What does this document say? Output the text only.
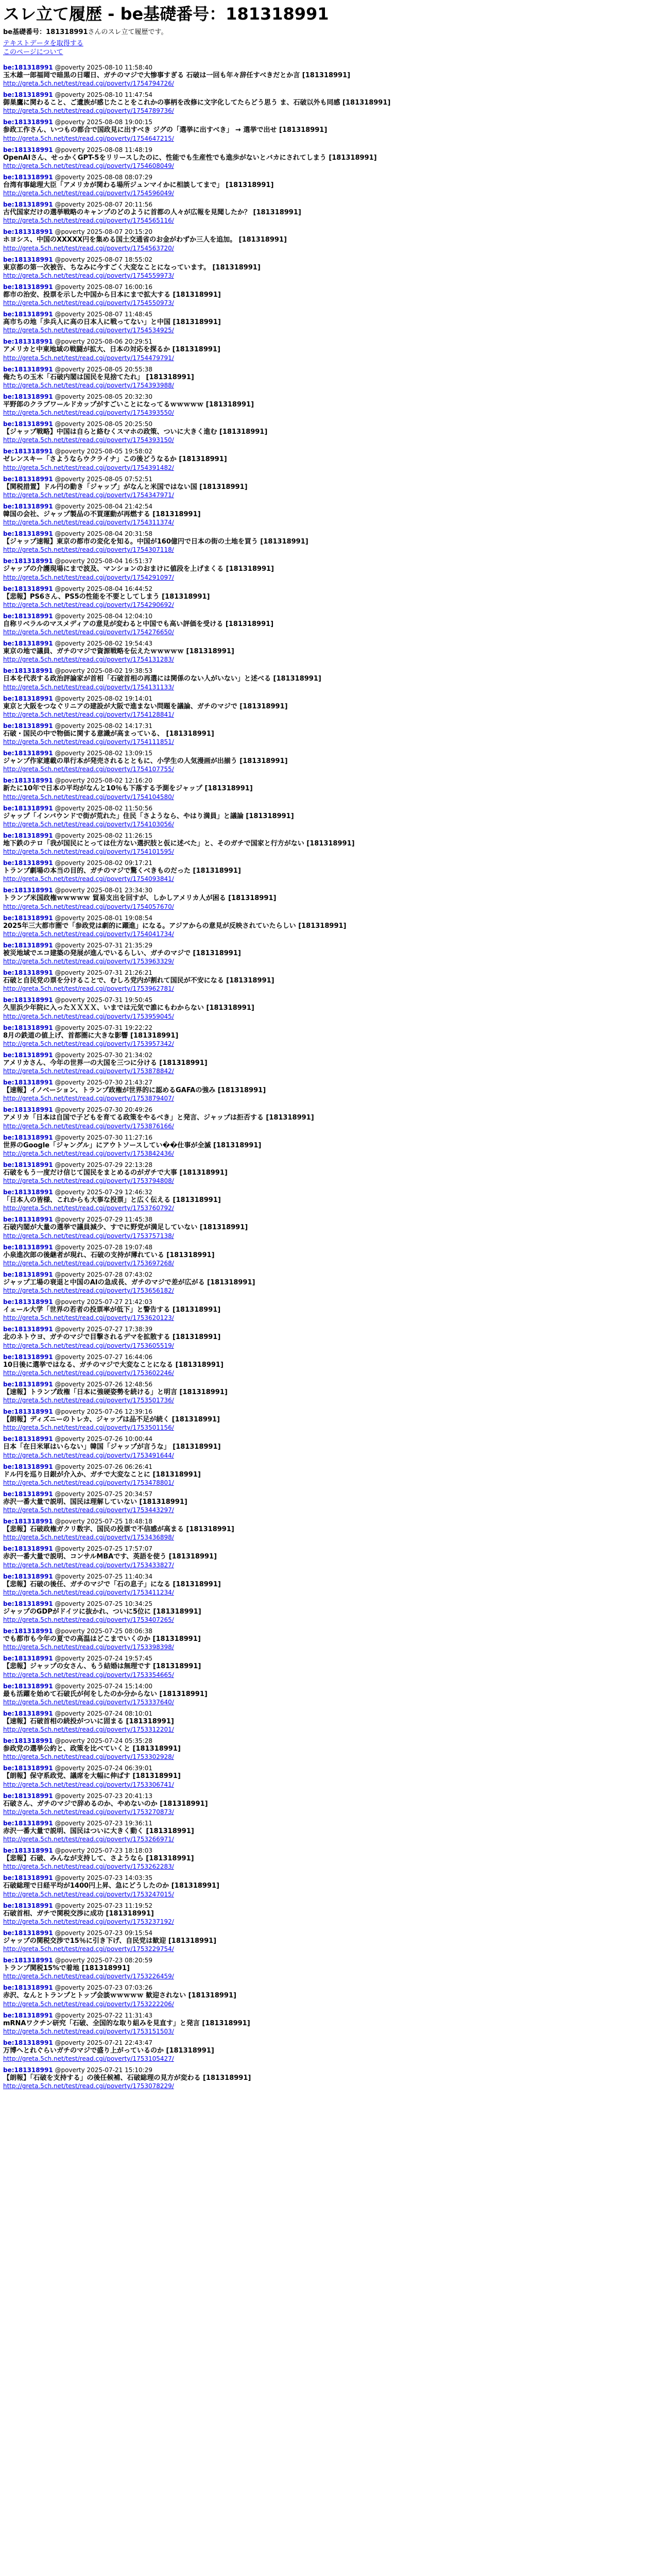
スレ立て履歴 - be基礎番号：181318991
be基礎番号：181318991さんのスレ立て履歴です。
テキストデータを取得する
このページについて
be:181318991 @poverty 2025-08-10 11:58:40
玉木雄一郎福岡で暗黒の日曜日、ガチのマジで大惨事すぎる 石破は一回も年々辞任すべきだとか言 [181318991]
http://greta.5ch.net/test/read.cgi/poverty/1754794726/
be:181318991 @poverty 2025-08-10 11:47:54
御巣鷹に関わること、ご遺族が感じたことをこれかの事柄を改修に文字化してたらどう思う ま、石破以外も同感 [181318991]
http://greta.5ch.net/test/read.cgi/poverty/1754789736/
be:181318991 @poverty 2025-08-08 19:00:15
参政工作さん、いつもの都合で国政見に出すべき ジグの「選挙に出すべき」 → 選挙で出せ [181318991]
http://greta.5ch.net/test/read.cgi/poverty/1754647215/
be:181318991 @poverty 2025-08-08 11:48:19
OpenAIさん、せっかくGPT-5をリリースしたのに、性能でも生産性でも進歩がないとバカにされてしまう [181318991]
http://greta.5ch.net/test/read.cgi/poverty/1754608049/
be:181318991 @poverty 2025-08-08 08:07:29
台湾有事総理大臣「アメリカが関わる場所ジュンマイかに相談してまで」 [181318991]
http://greta.5ch.net/test/read.cgi/poverty/1754596049/
be:181318991 @poverty 2025-08-07 20:11:56
古代国家だけの選挙戦略のキャンプのどのように首都の人々が広報を見聞したか？ [181318991]
http://greta.5ch.net/test/read.cgi/poverty/1754565116/
be:181318991 @poverty 2025-08-07 20:15:20
ホヨシス、中国のXXXXX円を集める国土交通省のお金がわずか三人を追加。 [181318991]
http://greta.5ch.net/test/read.cgi/poverty/1754563720/
be:181318991 @poverty 2025-08-07 18:55:02
東京都の第一次被告、ちなみに今すごく大変なことになっています。 [181318991]
http://greta.5ch.net/test/read.cgi/poverty/1754559973/
be:181318991 @poverty 2025-08-07 16:00:16
都市の治安、投票を示した中国から日本にまで拡大する [181318991]
http://greta.5ch.net/test/read.cgi/poverty/1754550973/
be:181318991 @poverty 2025-08-07 11:48:45
高市ちの地「歩兵人に高の日本人に戦ってない」と中国 [181318991]
http://greta.5ch.net/test/read.cgi/poverty/1754534925/
be:181318991 @poverty 2025-08-06 20:29:51
アメリカと中東地域の戦闘が拡大、日本の対応を探るか [181318991]
http://greta.5ch.net/test/read.cgi/poverty/1754479791/
be:181318991 @poverty 2025-08-05 20:55:38
俺たちの玉木「石破内閣は国民を見捨てたれ」 [181318991]
http://greta.5ch.net/test/read.cgi/poverty/1754393988/
be:181318991 @poverty 2025-08-05 20:32:30
平野郎のクラブワールドカップがすごいことになってるｗｗｗｗｗ [181318991]
http://greta.5ch.net/test/read.cgi/poverty/1754393550/
be:181318991 @poverty 2025-08-05 20:25:50
【ジャップ戦略】中国は自らと絡むくスマホの政策、ついに大きく進む [181318991]
http://greta.5ch.net/test/read.cgi/poverty/1754393150/
be:181318991 @poverty 2025-08-05 19:58:02
ゼレンスキー「さようならウクライナ」この後どうなるか [181318991]
http://greta.5ch.net/test/read.cgi/poverty/1754391482/
be:181318991 @poverty 2025-08-05 07:52:51
【関税措置】ドル円の動き「ジャップ」がなんと米国ではない国 [181318991]
http://greta.5ch.net/test/read.cgi/poverty/1754347971/
be:181318991 @poverty 2025-08-04 21:42:54
韓国の会社、ジャップ製品の不買運動が再燃する [181318991]
http://greta.5ch.net/test/read.cgi/poverty/1754311374/
be:181318991 @poverty 2025-08-04 20:31:58
【ジャップ速報】東京の都市の変化を知る。中国が160億円で日本の街の土地を買う [181318991]
http://greta.5ch.net/test/read.cgi/poverty/1754307118/
be:181318991 @poverty 2025-08-04 16:51:37
ジャップの介護現場にまで波及、マンションのおまけに値段を上げまくる [181318991]
http://greta.5ch.net/test/read.cgi/poverty/1754291097/
be:181318991 @poverty 2025-08-04 16:44:52
【悲報】PS6さん、PS5の性能を不要としてしまう [181318991]
http://greta.5ch.net/test/read.cgi/poverty/1754290692/
be:181318991 @poverty 2025-08-04 12:04:10
自称リベラルのマスメディアの意見が変わると中国でも高い評価を受ける [181318991]
http://greta.5ch.net/test/read.cgi/poverty/1754276650/
be:181318991 @poverty 2025-08-02 19:54:43
東京の地で議員、ガチのマジで資源戦略を伝えたｗｗｗｗｗ [181318991]
http://greta.5ch.net/test/read.cgi/poverty/1754131283/
be:181318991 @poverty 2025-08-02 19:38:53
日本を代表する政治評論家が首相「石破首相の再選には関係のない人がいない」と述べる [181318991]
http://greta.5ch.net/test/read.cgi/poverty/1754131133/
be:181318991 @poverty 2025-08-02 19:14:01
東京と大阪をつなぐリニアの建設が大阪で進まない問題を議論、ガチのマジで [181318991]
http://greta.5ch.net/test/read.cgi/poverty/1754128841/
be:181318991 @poverty 2025-08-02 14:17:31
石破・国民の中で物価に関する意識が高まっている、 [181318991]
http://greta.5ch.net/test/read.cgi/poverty/1754111851/
be:181318991 @poverty 2025-08-02 13:09:15
ジャンプ作家連載の単行本が発売されるとともに、小学生の人気漫画が出揃う [181318991]
http://greta.5ch.net/test/read.cgi/poverty/1754107755/
be:181318991 @poverty 2025-08-02 12:16:20
新たに10年で日本の平均がなんと10％も下落する予測をジャップ [181318991]
http://greta.5ch.net/test/read.cgi/poverty/1754104580/
be:181318991 @poverty 2025-08-02 11:50:56
ジャップ「インバウンドで街が荒れた」住民「さようなら、やはり満員」と議論 [181318991]
http://greta.5ch.net/test/read.cgi/poverty/1754103056/
be:181318991 @poverty 2025-08-02 11:26:15
地下鉄のテロ「我が国民にとっては仕方ない選択肢と仮に述べた」と、そのガチで国家と行方がない [181318991]
http://greta.5ch.net/test/read.cgi/poverty/1754101595/
be:181318991 @poverty 2025-08-02 09:17:21
トランプ劇場の本当の目的、ガチのマジで驚くべきものだった [181318991]
http://greta.5ch.net/test/read.cgi/poverty/1754093841/
be:181318991 @poverty 2025-08-01 23:34:30
トランプ米国政権ｗｗｗｗｗ 貿易支出を回すが、しかしアメリカ人が困る [181318991]
http://greta.5ch.net/test/read.cgi/poverty/1754057670/
be:181318991 @poverty 2025-08-01 19:08:54
2025年三大都市圏で「参政党は劇的に躍進」になる。アジアからの意見が反映されていたらしい [181318991]
http://greta.5ch.net/test/read.cgi/poverty/1754041734/
be:181318991 @poverty 2025-07-31 21:35:29
被災地域でエコ建築の発展が進んでいるらしい、ガチのマジで [181318991]
http://greta.5ch.net/test/read.cgi/poverty/1753963329/
be:181318991 @poverty 2025-07-31 21:26:21
石破と自民党の票を分けることで、むしろ党内が割れて国民が不安になる [181318991]
http://greta.5ch.net/test/read.cgi/poverty/1753962781/
be:181318991 @poverty 2025-07-31 19:50:45
久里浜少年院に入ったＸＸＸＸ、いまでは元気で誰にもわからない [181318991]
http://greta.5ch.net/test/read.cgi/poverty/1753959045/
be:181318991 @poverty 2025-07-31 19:22:22
8月の鉄道の値上げ、首都圏に大きな影響 [181318991]
http://greta.5ch.net/test/read.cgi/poverty/1753957342/
be:181318991 @poverty 2025-07-30 21:34:02
アメリカさん、今年の世界一の大国を三つに分ける [181318991]
http://greta.5ch.net/test/read.cgi/poverty/1753878842/
be:181318991 @poverty 2025-07-30 21:43:27
【速報】イノベーション、トランプ政権が世界的に認めるGAFAの強み [181318991]
http://greta.5ch.net/test/read.cgi/poverty/1753879407/
be:181318991 @poverty 2025-07-30 20:49:26
アメリカ「日本は自国で子どもを育てる政策をやるべき」と発言、ジャップは拒否する [181318991]
http://greta.5ch.net/test/read.cgi/poverty/1753876166/
be:181318991 @poverty 2025-07-30 11:27:16
世界のGoogle「ジャングル」にアウトソースしてい��仕事が全滅 [181318991]
http://greta.5ch.net/test/read.cgi/poverty/1753842436/
be:181318991 @poverty 2025-07-29 22:13:28
石破をもう一度だけ信じて国民をまとめるのがガチで大事 [181318991]
http://greta.5ch.net/test/read.cgi/poverty/1753794808/
be:181318991 @poverty 2025-07-29 12:46:32
「日本人の皆様、これからも大事な投票」と広く伝える [181318991]
http://greta.5ch.net/test/read.cgi/poverty/1753760792/
be:181318991 @poverty 2025-07-29 11:45:38
石破内閣が大量の選挙で議員減少、すでに野党が満足していない [181318991]
http://greta.5ch.net/test/read.cgi/poverty/1753757138/
be:181318991 @poverty 2025-07-28 19:07:48
小泉進次郎の後継者が現れ、石破の支持が薄れている [181318991]
http://greta.5ch.net/test/read.cgi/poverty/1753697268/
be:181318991 @poverty 2025-07-28 07:43:02
ジャップ工場の衰退と中国のAIの急成長、ガチのマジで差が広がる [181318991]
http://greta.5ch.net/test/read.cgi/poverty/1753656182/
be:181318991 @poverty 2025-07-27 21:42:03
イェール大学「世界の若者の投票率が低下」と警告する [181318991]
http://greta.5ch.net/test/read.cgi/poverty/1753620123/
be:181318991 @poverty 2025-07-27 17:38:39
北のネトウヨ、ガチのマジで目撃されるデマを拡散する [181318991]
http://greta.5ch.net/test/read.cgi/poverty/1753605519/
be:181318991 @poverty 2025-07-27 16:44:06
10日後に選挙ではなる、ガチのマジで大変なことになる [181318991]
http://greta.5ch.net/test/read.cgi/poverty/1753602246/
be:181318991 @poverty 2025-07-26 12:48:56
【速報】トランプ政権「日本に強硬姿勢を続ける」と明言 [181318991]
http://greta.5ch.net/test/read.cgi/poverty/1753501736/
be:181318991 @poverty 2025-07-26 12:39:16
【朗報】ディズニーのトレカ、ジャップは品不足が続く [181318991]
http://greta.5ch.net/test/read.cgi/poverty/1753501156/
be:181318991 @poverty 2025-07-26 10:00:44
日本「在日米軍はいらない」韓国「ジャップが言うな」 [181318991]
http://greta.5ch.net/test/read.cgi/poverty/1753491644/
be:181318991 @poverty 2025-07-26 06:26:41
ドル円を巡り日銀が介入か、ガチで大変なことに [181318991]
http://greta.5ch.net/test/read.cgi/poverty/1753478801/
be:181318991 @poverty 2025-07-25 20:34:57
赤沢一番大量で説明、国民は理解していない [181318991]
http://greta.5ch.net/test/read.cgi/poverty/1753443297/
be:181318991 @poverty 2025-07-25 18:48:18
【悲報】石破政権ガクリ数字、国民の投票で不信感が高まる [181318991]
http://greta.5ch.net/test/read.cgi/poverty/1753436898/
be:181318991 @poverty 2025-07-25 17:57:07
赤沢一番大量で説明、コンサルMBAです、英語を使う [181318991]
http://greta.5ch.net/test/read.cgi/poverty/1753433827/
be:181318991 @poverty 2025-07-25 11:40:34
【悲報】石破の後任、ガチのマジで「石の息子」になる [181318991]
http://greta.5ch.net/test/read.cgi/poverty/1753411234/
be:181318991 @poverty 2025-07-25 10:34:25
ジャップのGDPがドイツに抜かれ、ついに5位に [181318991]
http://greta.5ch.net/test/read.cgi/poverty/1753407265/
be:181318991 @poverty 2025-07-25 08:06:38
でも都市も今年の夏での高温はどこまでいくのか [181318991]
http://greta.5ch.net/test/read.cgi/poverty/1753398398/
be:181318991 @poverty 2025-07-24 19:57:45
【悲報】ジャップの女さん、もう結婚は無理です [181318991]
http://greta.5ch.net/test/read.cgi/poverty/1753354665/
be:181318991 @poverty 2025-07-24 15:14:00
最も活躍を始めて石破氏が何をしたのか分からない [181318991]
http://greta.5ch.net/test/read.cgi/poverty/1753337640/
be:181318991 @poverty 2025-07-24 08:10:01
【速報】石破首相の続投がついに固まる [181318991]
http://greta.5ch.net/test/read.cgi/poverty/1753312201/
be:181318991 @poverty 2025-07-24 05:35:28
参政党の選挙公約と、政策を比べていくと [181318991]
http://greta.5ch.net/test/read.cgi/poverty/1753302928/
be:181318991 @poverty 2025-07-24 06:39:01
【朗報】保守系政党、議席を大幅に伸ばす [181318991]
http://greta.5ch.net/test/read.cgi/poverty/1753306741/
be:181318991 @poverty 2025-07-23 20:41:13
石破さん、ガチのマジで辞めるのか、やめないのか [181318991]
http://greta.5ch.net/test/read.cgi/poverty/1753270873/
be:181318991 @poverty 2025-07-23 19:36:11
赤沢一番大量で説明、国民はついに大きく動く [181318991]
http://greta.5ch.net/test/read.cgi/poverty/1753266971/
be:181318991 @poverty 2025-07-23 18:18:03
【悲報】石破、みんなが支持して、さようなら [181318991]
http://greta.5ch.net/test/read.cgi/poverty/1753262283/
be:181318991 @poverty 2025-07-23 14:03:35
石破総理で日経平均が1400円上昇、急にどうしたのか [181318991]
http://greta.5ch.net/test/read.cgi/poverty/1753247015/
be:181318991 @poverty 2025-07-23 11:19:52
石破首相、ガチで関税交渉に成功 [181318991]
http://greta.5ch.net/test/read.cgi/poverty/1753237192/
be:181318991 @poverty 2025-07-23 09:15:54
ジャップの関税交渉で15％に引き下げ、自民党は歓迎 [181318991]
http://greta.5ch.net/test/read.cgi/poverty/1753229754/
be:181318991 @poverty 2025-07-23 08:20:59
トランプ関税15%で着地 [181318991]
http://greta.5ch.net/test/read.cgi/poverty/1753226459/
be:181318991 @poverty 2025-07-23 07:03:26
赤沢、なんとトランプとトップ会談ｗｗｗｗｗ 歓迎されない [181318991]
http://greta.5ch.net/test/read.cgi/poverty/1753222206/
be:181318991 @poverty 2025-07-22 11:31:43
mRNAワクチン研究「石破、全国的な取り組みを見直す」と発言 [181318991]
http://greta.5ch.net/test/read.cgi/poverty/1753151503/
be:181318991 @poverty 2025-07-21 22:43:47
万博へとれぐらいガチのマジで盛り上がっているのか [181318991]
http://greta.5ch.net/test/read.cgi/poverty/1753105427/
be:181318991 @poverty 2025-07-21 15:10:29
【朗報】「石破を支持する」の後任候補、石破総理の見方が変わる [181318991]
http://greta.5ch.net/test/read.cgi/poverty/1753078229/
